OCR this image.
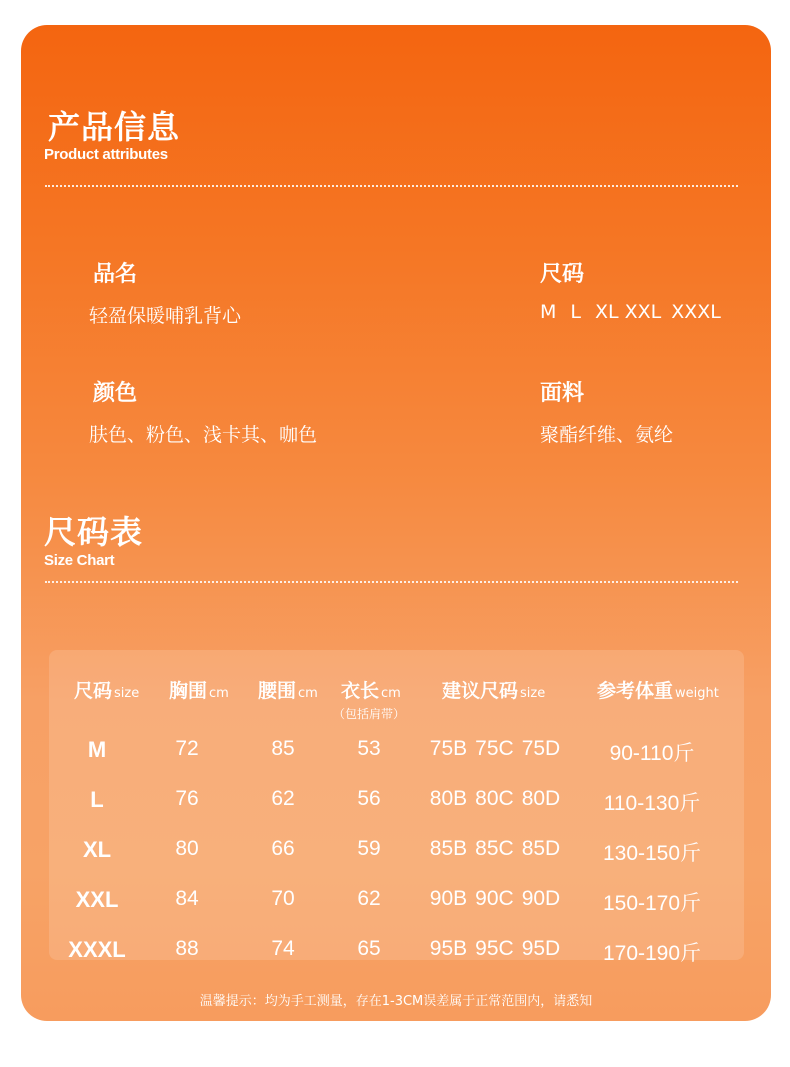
产品信息
Product attributes
品名
轻盈保暖哺乳背心
尺码
M L XL XXL XXXL
颜色
肤色、粉色、浅卡其、咖色
面料
聚酯纤维、氨纶
尺码表
Size Chart
尺码 size 胸围 cm 腰围 cm 衣长 cm
（包括肩带）
建议尺码 size	参考体重 weight
M	72	85	53 75B 75C 75D 90-110斤
L	76	62	56 80B 80C 80D 110-130斤
XL	80	66	59 85B 85C 85D 130-150斤
XXL	84	70	62 90B 90C 90D 150-170斤
XXXL 88	74	65 95B 95C 95D 170-190斤
温馨提示：均为手工测量，存在1-3CM误差属于正常范围内，请悉知
